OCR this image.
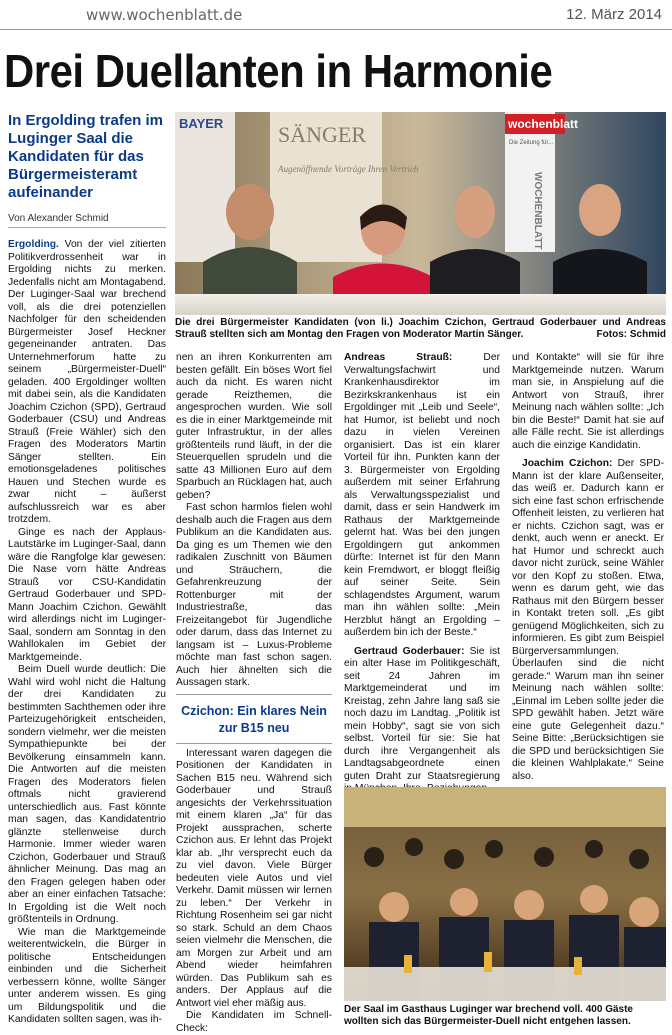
www.wochenblatt.de	12. März 2014
Drei Duellanten in Harmonie
In Ergolding trafen im Luginger Saal die Kandidaten für das Bürgermeisteramt aufeinander
Von Alexander Schmid
BAYER SÄNGER
Augenöffnende Vorträge Ihren Vertrieb
wochenblatt
Die Zeitung für...
WOCHENBLATT
Die drei Bürgermeister Kandidaten (von li.) Joachim Czichon, Gertraud Goderbauer und Andreas Strauß stellten sich am Montag den Fragen von Moderator Martin Sänger.	Fotos: Schmid

Ergolding. Von der viel zitierten Politikverdrossenheit war in Ergolding nichts zu merken. Jedenfalls nicht am Montagabend. Der Luginger-Saal war brechend voll, als die drei potenziellen Nachfolger für den scheidenden Bürgermeister Josef Heckner gegeneinander antraten. Das Unternehmerforum hatte zu seinem „Bürgermeister-Duell“ geladen. 400 Ergoldinger wollten mit dabei sein, als die Kandidaten Joachim Czichon (SPD), Gertraud Goderbauer (CSU) und Andreas Strauß (Freie Wähler) sich den Fragen des Moderators Martin Sänger stellten. Ein emotionsgeladenes politisches Hauen und Stechen wurde es zwar nicht – äußerst aufschlussreich war es aber trotzdem.

Ginge es nach der Applaus-Lautstärke im Luginger-Saal, dann wäre die Rangfolge klar gewesen: Die Nase vorn hätte Andreas Strauß vor CSU-Kandidatin Gertraud Goderbauer und SPD-Mann Joachim Czichon. Gewählt wird allerdings nicht im Luginger-Saal, sondern am Sonntag in den Wahllokalen im Gebiet der Marktgemeinde.

Beim Duell wurde deutlich: Die Wahl wird wohl nicht die Haltung der drei Kandidaten zu bestimmten Sachthemen oder ihre Parteizugehörigkeit entscheiden, sondern vielmehr, wer die meisten Sympathiepunkte bei der Bevölkerung einsammeln kann. Die Antworten auf die meisten Fragen des Moderators fielen oftmals nicht gravierend unterschiedlich aus. Fast könnte man sagen, das Kandidatentrio glänzte stellenweise durch Harmonie. Immer wieder waren Czichon, Goderbauer und Strauß ähnlicher Meinung. Das mag an den Fragen gelegen haben oder aber an einer einfachen Tatsache: In Ergolding ist die Welt noch größtenteils in Ordnung.

Wie man die Marktgemeinde weiterentwickeln, die Bürger in politische Entscheidungen einbinden und die Sicherheit verbessern könne, wollte Sänger unter anderem wissen. Es ging um Bildungspolitik und die Kandidaten sollten sagen, was ih-

nen an ihren Konkurrenten am besten gefällt. Ein böses Wort fiel auch da nicht. Es waren nicht gerade Reizthemen, die angesprochen wurden. Wie soll es die in einer Marktgemeinde mit guter Infrastruktur, in der alles größtenteils rund läuft, in der die Steuerquellen sprudeln und die satte 43 Millionen Euro auf dem Sparbuch an Rücklagen hat, auch geben?

Fast schon harmlos fielen wohl deshalb auch die Fragen aus dem Publikum an die Kandidaten aus. Da ging es um Themen wie den radikalen Zuschnitt von Bäumen und Sträuchern, die Gefahrenkreuzung der Rottenburger mit der Industriestraße, das Freizeitangebot für Jugendliche oder darum, dass das Internet zu langsam ist – Luxus-Probleme möchte man fast schon sagen. Auch hier ähnelten sich die Aussagen stark.

Czichon: Ein klares Nein zur B15 neu

Interessant waren dagegen die Positionen der Kandidaten in Sachen B15 neu. Während sich Goderbauer und Strauß angesichts der Verkehrssituation mit einem klaren „Ja“ für das Projekt aussprachen, scherte Czichon aus. Er lehnt das Projekt klar ab. „Ihr versprecht euch da zu viel davon. Viele Bürger bedeuten viele Autos und viel Verkehr. Damit müssen wir lernen zu leben.“ Der Verkehr in Richtung Rosenheim sei gar nicht so stark. Schuld an dem Chaos seien vielmehr die Menschen, die am Morgen zur Arbeit und am Abend wieder heimfahren würden. Das Publikum sah es anders. Der Applaus auf die Antwort viel eher mäßig aus.

Die Kandidaten im Schnell-Check:

Andreas Strauß: Der Verwaltungsfachwirt und Krankenhausdirektor im Bezirkskrankenhaus ist ein Ergoldinger mit „Leib und Seele“, hat Humor, ist beliebt und noch dazu in vielen Vereinen organisiert. Das ist ein klarer Vorteil für ihn. Punkten kann der 3. Bürgermeister von Ergolding außerdem mit seiner Erfahrung als Verwaltungsspezialist und damit, dass er sein Handwerk im Rathaus der Marktgemeinde gelernt hat. Was bei den jungen Ergoldingern gut ankommen dürfte: Internet ist für den Mann kein Fremdwort, er bloggt fleißig auf seiner Seite. Sein schlagendstes Argument, warum man ihn wählen sollte: „Mein Herzblut hängt an Ergolding – außerdem bin ich der Beste.“

Gertraud Goderbauer: Sie ist ein alter Hase im Politikgeschäft, seit 24 Jahren im Marktgemeinderat und im Kreistag, zehn Jahre lang saß sie noch dazu im Landtag. „Politik ist mein Hobby“, sagt sie von sich selbst. Vorteil für sie: Sie hat durch ihre Vergangenheit als Landtagsabgeordnete einen guten Draht zur Staatsregierung

und Kontakte“ will sie für ihre Marktgemeinde nutzen. Warum man sie, in Anspielung auf die Antwort von Strauß, ihrer Meinung nach wählen sollte: „Ich bin die Beste!“ Damit hat sie auf alle Fälle recht. Sie ist allerdings auch die einzige Kandidatin.

Joachim Czichon: Der SPD-Mann ist der klare Außenseiter, das weiß er. Dadurch kann er sich eine fast schon erfrischende Offenheit leisten, zu verlieren hat er nichts. Czichon sagt, was er denkt, auch wenn er aneckt. Er hat Humor und schreckt auch davor nicht zurück, seine Wähler vor den Kopf zu stoßen. Etwa, wenn es darum geht, wie das Rathaus mit den Bürgern besser in Kontakt treten soll. „Es gibt genügend Möglichkeiten, sich zu informieren. Es gibt zum Beispiel Bürgerversammlungen. Überlaufen sind die nicht gerade.“ Warum man ihn seiner Meinung nach wählen sollte: „Einmal im Leben sollte jeder die SPD gewählt haben. Jetzt wäre eine gute Gelegenheit dazu.“ Seine Bitte: „Berücksichtigen sie die SPD und berücksichtigen Sie die kleinen Wahlplakate.“ Seine also.

Der Saal im Gasthaus Luginger war brechend voll. 400 Gäste wollten sich das Bürgermeister-Duell nicht entgehen lassen.
